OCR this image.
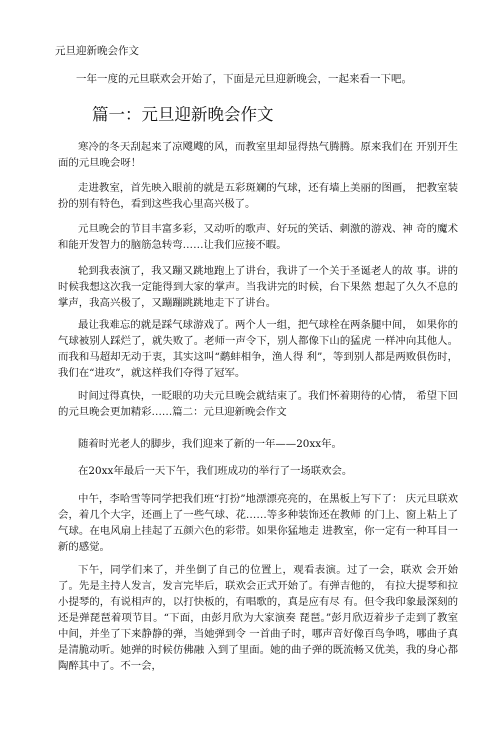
元旦迎新晚会作文
一年一度的元旦联欢会开始了，下面是元旦迎新晚会，一起来看一下吧。
篇一：元旦迎新晚会作文

寒冷的冬天刮起来了凉飕飕的风，而教室里却显得热气腾腾。原来我们在 开别开生面的元旦晚会呀！

走进教室，首先映入眼前的就是五彩斑斓的气球，还有墙上美丽的图画， 把教室装扮的别有特色，看到这些我心里高兴极了。

元旦晚会的节目丰富多彩，又动听的歌声、好玩的笑话、刺激的游戏、神 奇的魔术和能开发智力的脑筋急转弯……让我们应接不暇。

轮到我表演了，我又蹦又跳地跑上了讲台，我讲了一个关于圣诞老人的故 事。讲的时候我想这次我一定能得到大家的掌声。当我讲完的时候，台下果然 想起了久久不息的掌声，我高兴极了，又蹦蹦跳跳地走下了讲台。

最让我难忘的就是踩气球游戏了。两个人一组，把气球栓在两条腿中间， 如果你的气球被别人踩烂了，就失败了。老师一声令下，别人都像下山的猛虎 一样冲向其他人。而我和马超却无动于衷，其实这叫“鹬蚌相争，渔人得 利”，等到别人都是两败俱伤时，我们在“进攻”，就这样我们夺得了冠军。

时间过得真快，一眨眼的功夫元旦晚会就结束了。我们怀着期待的心情， 希望下回的元旦晚会更加精彩……篇二：元旦迎新晚会作文

随着时光老人的脚步，我们迎来了新的一年——20xx年。

在20xx年最后一天下午，我们班成功的举行了一场联欢会。

中午，李哈雪等同学把我们班“打扮”地漂漂亮亮的，在黑板上写下了： 庆元旦联欢会，着几个大字，还画上了一些气球、花……等多种装饰还在教师 的门上、窗上粘上了气球。在电风扇上挂起了五颜六色的彩带。如果你猛地走 进教室，你一定有一种耳目一新的感觉。

下午，同学们来了，并坐倒了自己的位置上，观看表演。过了一会，联欢 会开始了。先是主持人发言，发言完毕后，联欢会正式开始了。有弹吉他的， 有拉大提琴和拉小提琴的，有说相声的，以打快板的，有唱歌的，真是应有尽 有。但令我印象最深刻的还是弹琵琶着项节目。“下面，由彭月欣为大家演奏 琵琶。”彭月欣迈着步子走到了教室中间，并坐了下来静静的弹，当她弹到令 一首曲子时，哪声音好像百鸟争鸣，哪曲子真是清脆动听。她弹的时候仿佛融 入到了里面。她的曲子弹的既流畅又优美，我的身心都陶醉其中了。不一会，
